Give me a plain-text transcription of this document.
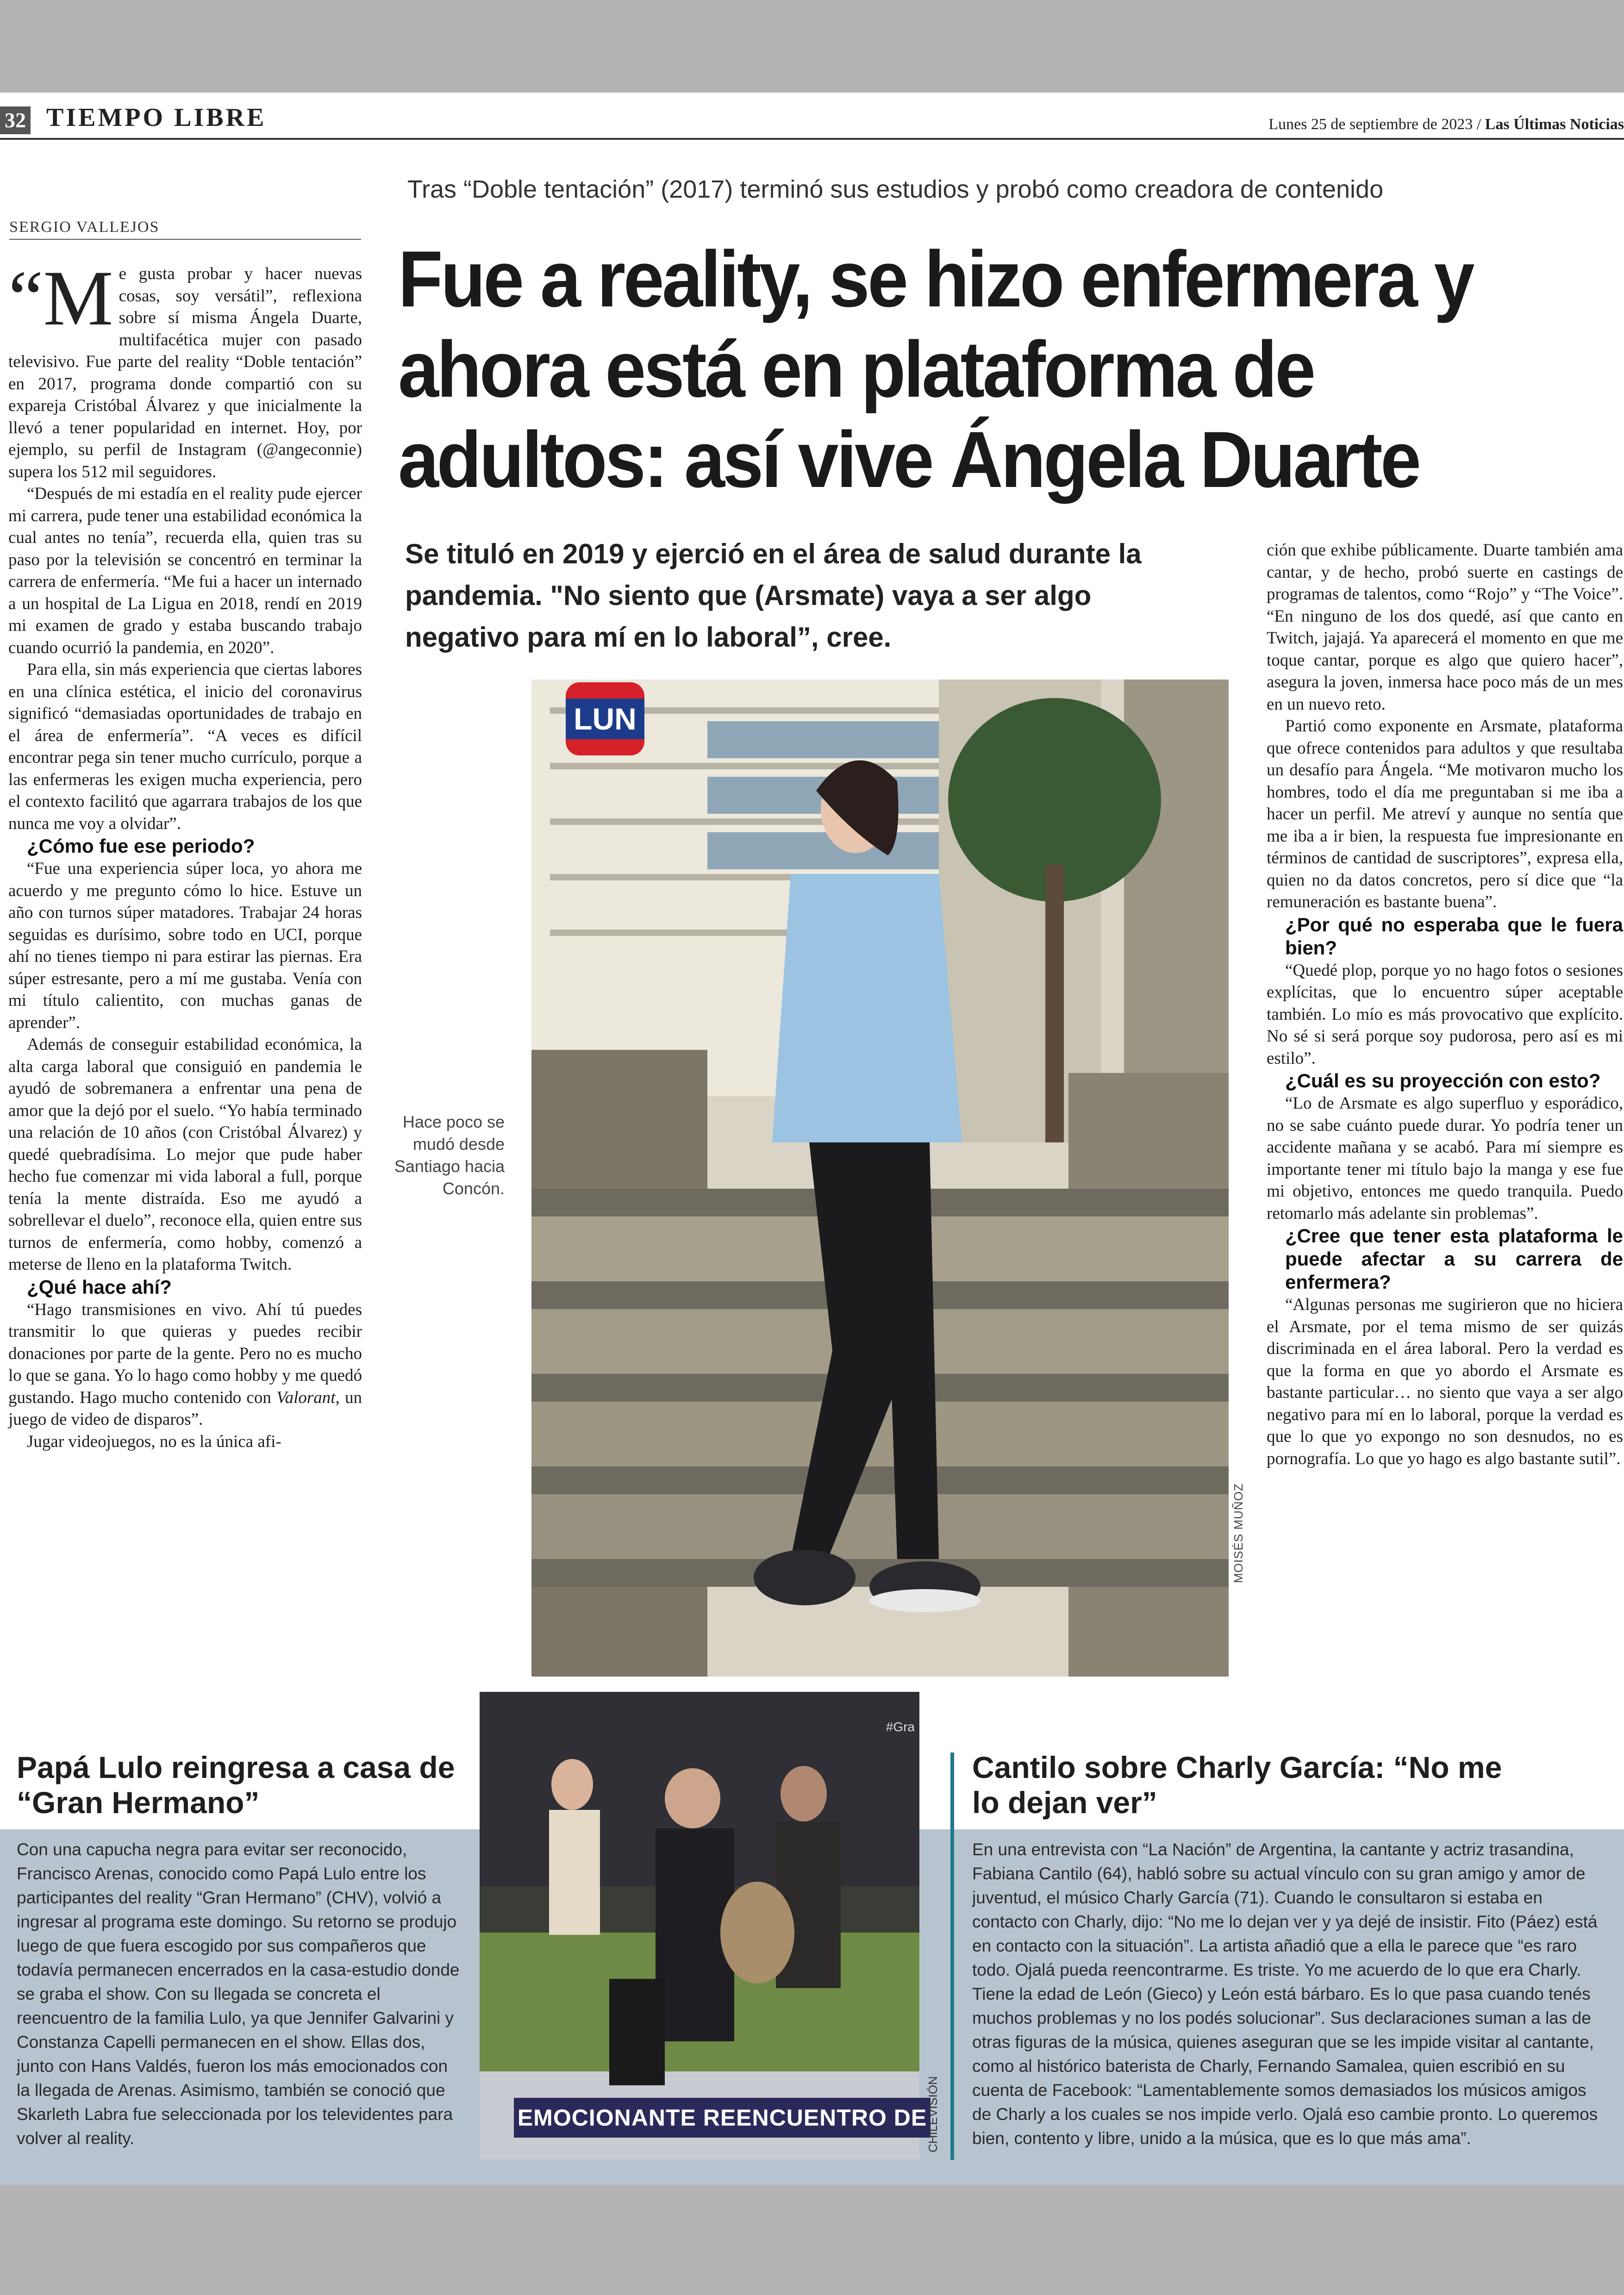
32 TIEMPO LIBRE	Lunes 25 de septiembre de 2023 / Las Últimas Noticias
Tras “Doble tentación” (2017) terminó sus estudios y probó como creadora de contenido
Fue a reality, se hizo enfermera y ahora está en plataforma de adultos: así vive Ángela Duarte
Se tituló en 2019 y ejerció en el área de salud durante la pandemia. "No siento que (Arsmate) vaya a ser algo negativo para mí en lo laboral”, cree.
SERGIO VALLEJOS

“Me gusta probar y hacer nuevas cosas, soy versátil”, reflexiona sobre sí misma Ángela Duarte, multifacética mujer con pasado televisivo. Fue parte del reality “Doble tentación” en 2017, programa donde compartió con su expareja Cristóbal Álvarez y que inicialmente la llevó a tener popularidad en internet. Hoy, por ejemplo, su perfil de Instagram (@angeconnie) supera los 512 mil seguidores.

“Después de mi estadía en el reality pude ejercer mi carrera, pude tener una estabilidad económica la cual antes no tenía”, recuerda ella, quien tras su paso por la televisión se concentró en terminar la carrera de enfermería. “Me fui a hacer un internado a un hospital de La Ligua en 2018, rendí en 2019 mi examen de grado y estaba buscando trabajo cuando ocurrió la pandemia, en 2020”.

Para ella, sin más experiencia que ciertas labores en una clínica estética, el inicio del coronavirus significó “demasiadas oportunidades de trabajo en el área de enfermería”. “A veces es difícil encontrar pega sin tener mucho currículo, porque a las enfermeras les exigen mucha experiencia, pero el contexto facilitó que agarrara trabajos de los que nunca me voy a olvidar”.

¿Cómo fue ese periodo?

“Fue una experiencia súper loca, yo ahora me acuerdo y me pregunto cómo lo hice. Estuve un año con turnos súper matadores. Trabajar 24 horas seguidas es durísimo, sobre todo en UCI, porque ahí no tienes tiempo ni para estirar las piernas. Era súper estresante, pero a mí me gustaba. Venía con mi título calientito, con muchas ganas de aprender”.

Además de conseguir estabilidad económica, la alta carga laboral que consiguió en pandemia le ayudó de sobremanera a enfrentar una pena de amor que la dejó por el suelo. “Yo había terminado una relación de 10 años (con Cristóbal Álvarez) y quedé quebradísima. Lo mejor que pude haber hecho fue comenzar mi vida laboral a full, porque tenía la mente distraída. Eso me ayudó a sobrellevar el duelo”, reconoce ella, quien entre sus turnos de enfermería, como hobby, comenzó a meterse de lleno en la plataforma Twitch.

¿Qué hace ahí?

“Hago transmisiones en vivo. Ahí tú puedes transmitir lo que quieras y puedes recibir donaciones por parte de la gente. Pero no es mucho lo que se gana. Yo lo hago como hobby y me quedó gustando. Hago mucho contenido con Valorant, un juego de video de disparos”.

Jugar videojuegos, no es la única afi-

Hace poco se mudó desde Santiago hacia Concón.
LUN
MOISÉS MUÑOZ

ción que exhibe públicamente. Duarte también ama cantar, y de hecho, probó suerte en castings de programas de talentos, como “Rojo” y “The Voice”. “En ninguno de los dos quedé, así que canto en Twitch, jajajá. Ya aparecerá el momento en que me toque cantar, porque es algo que quiero hacer”, asegura la joven, inmersa hace poco más de un mes en un nuevo reto.

Partió como exponente en Arsmate, plataforma que ofrece contenidos para adultos y que resultaba un desafío para Ángela. “Me motivaron mucho los hombres, todo el día me preguntaban si me iba a hacer un perfil. Me atreví y aunque no sentía que me iba a ir bien, la respuesta fue impresionante en términos de cantidad de suscriptores”, expresa ella, quien no da datos concretos, pero sí dice que “la remuneración es bastante buena”.

¿Por qué no esperaba que le fuera bien?

“Quedé plop, porque yo no hago fotos o sesiones explícitas, que lo encuentro súper aceptable también. Lo mío es más provocativo que explícito. No sé si será porque soy pudorosa, pero así es mi estilo”.

¿Cuál es su proyección con esto?

“Lo de Arsmate es algo superfluo y esporádico, no se sabe cuánto puede durar. Yo podría tener un accidente mañana y se acabó. Para mí siempre es importante tener mi título bajo la manga y ese fue mi objetivo, entonces me quedo tranquila. Puedo retomarlo más adelante sin problemas”.

¿Cree que tener esta plataforma le puede afectar a su carrera de enfermera?

“Algunas personas me sugirieron que no hiciera el Arsmate, por el tema mismo de ser quizás discriminada en el área laboral. Pero la verdad es que la forma en que yo abordo el Arsmate es bastante particular… no siento que vaya a ser algo negativo para mí en lo laboral, porque la verdad es que lo que yo expongo no son desnudos, no es pornografía. Lo que yo hago es algo bastante sutil”.

Papá Lulo reingresa a casa de “Gran Hermano”
Con una capucha negra para evitar ser reconocido, Francisco Arenas, conocido como Papá Lulo entre los participantes del reality “Gran Hermano” (CHV), volvió a ingresar al programa este domingo. Su retorno se produjo luego de que fuera escogido por sus compañeros que todavía permanecen encerrados en la casa-estudio donde se graba el show. Con su llegada se concreta el reencuentro de la familia Lulo, ya que Jennifer Galvarini y Constanza Capelli permanecen en el show. Ellas dos, junto con Hans Valdés, fueron los más emocionados con la llegada de Arenas. Asimismo, también se conoció que Skarleth Labra fue seleccionada por los televidentes para volver al reality.
#Gra
EMOCIONANTE REENCUENTRO DE
CHILEVISIÓN
Cantilo sobre Charly García: “No me lo dejan ver”
En una entrevista con “La Nación” de Argentina, la cantante y actriz trasandina, Fabiana Cantilo (64), habló sobre su actual vínculo con su gran amigo y amor de juventud, el músico Charly García (71). Cuando le consultaron si estaba en contacto con Charly, dijo: “No me lo dejan ver y ya dejé de insistir. Fito (Páez) está en contacto con la situación”. La artista añadió que a ella le parece que “es raro todo. Ojalá pueda reencontrarme. Es triste. Yo me acuerdo de lo que era Charly. Tiene la edad de León (Gieco) y León está bárbaro. Es lo que pasa cuando tenés muchos problemas y no los podés solucionar”. Sus declaraciones suman a las de otras figuras de la música, quienes aseguran que se les impide visitar al cantante, como al histórico baterista de Charly, Fernando Samalea, quien escribió en su cuenta de Facebook: “Lamentablemente somos demasiados los músicos amigos de Charly a los cuales se nos impide verlo. Ojalá eso cambie pronto. Lo queremos bien, contento y libre, unido a la música, que es lo que más ama”.
